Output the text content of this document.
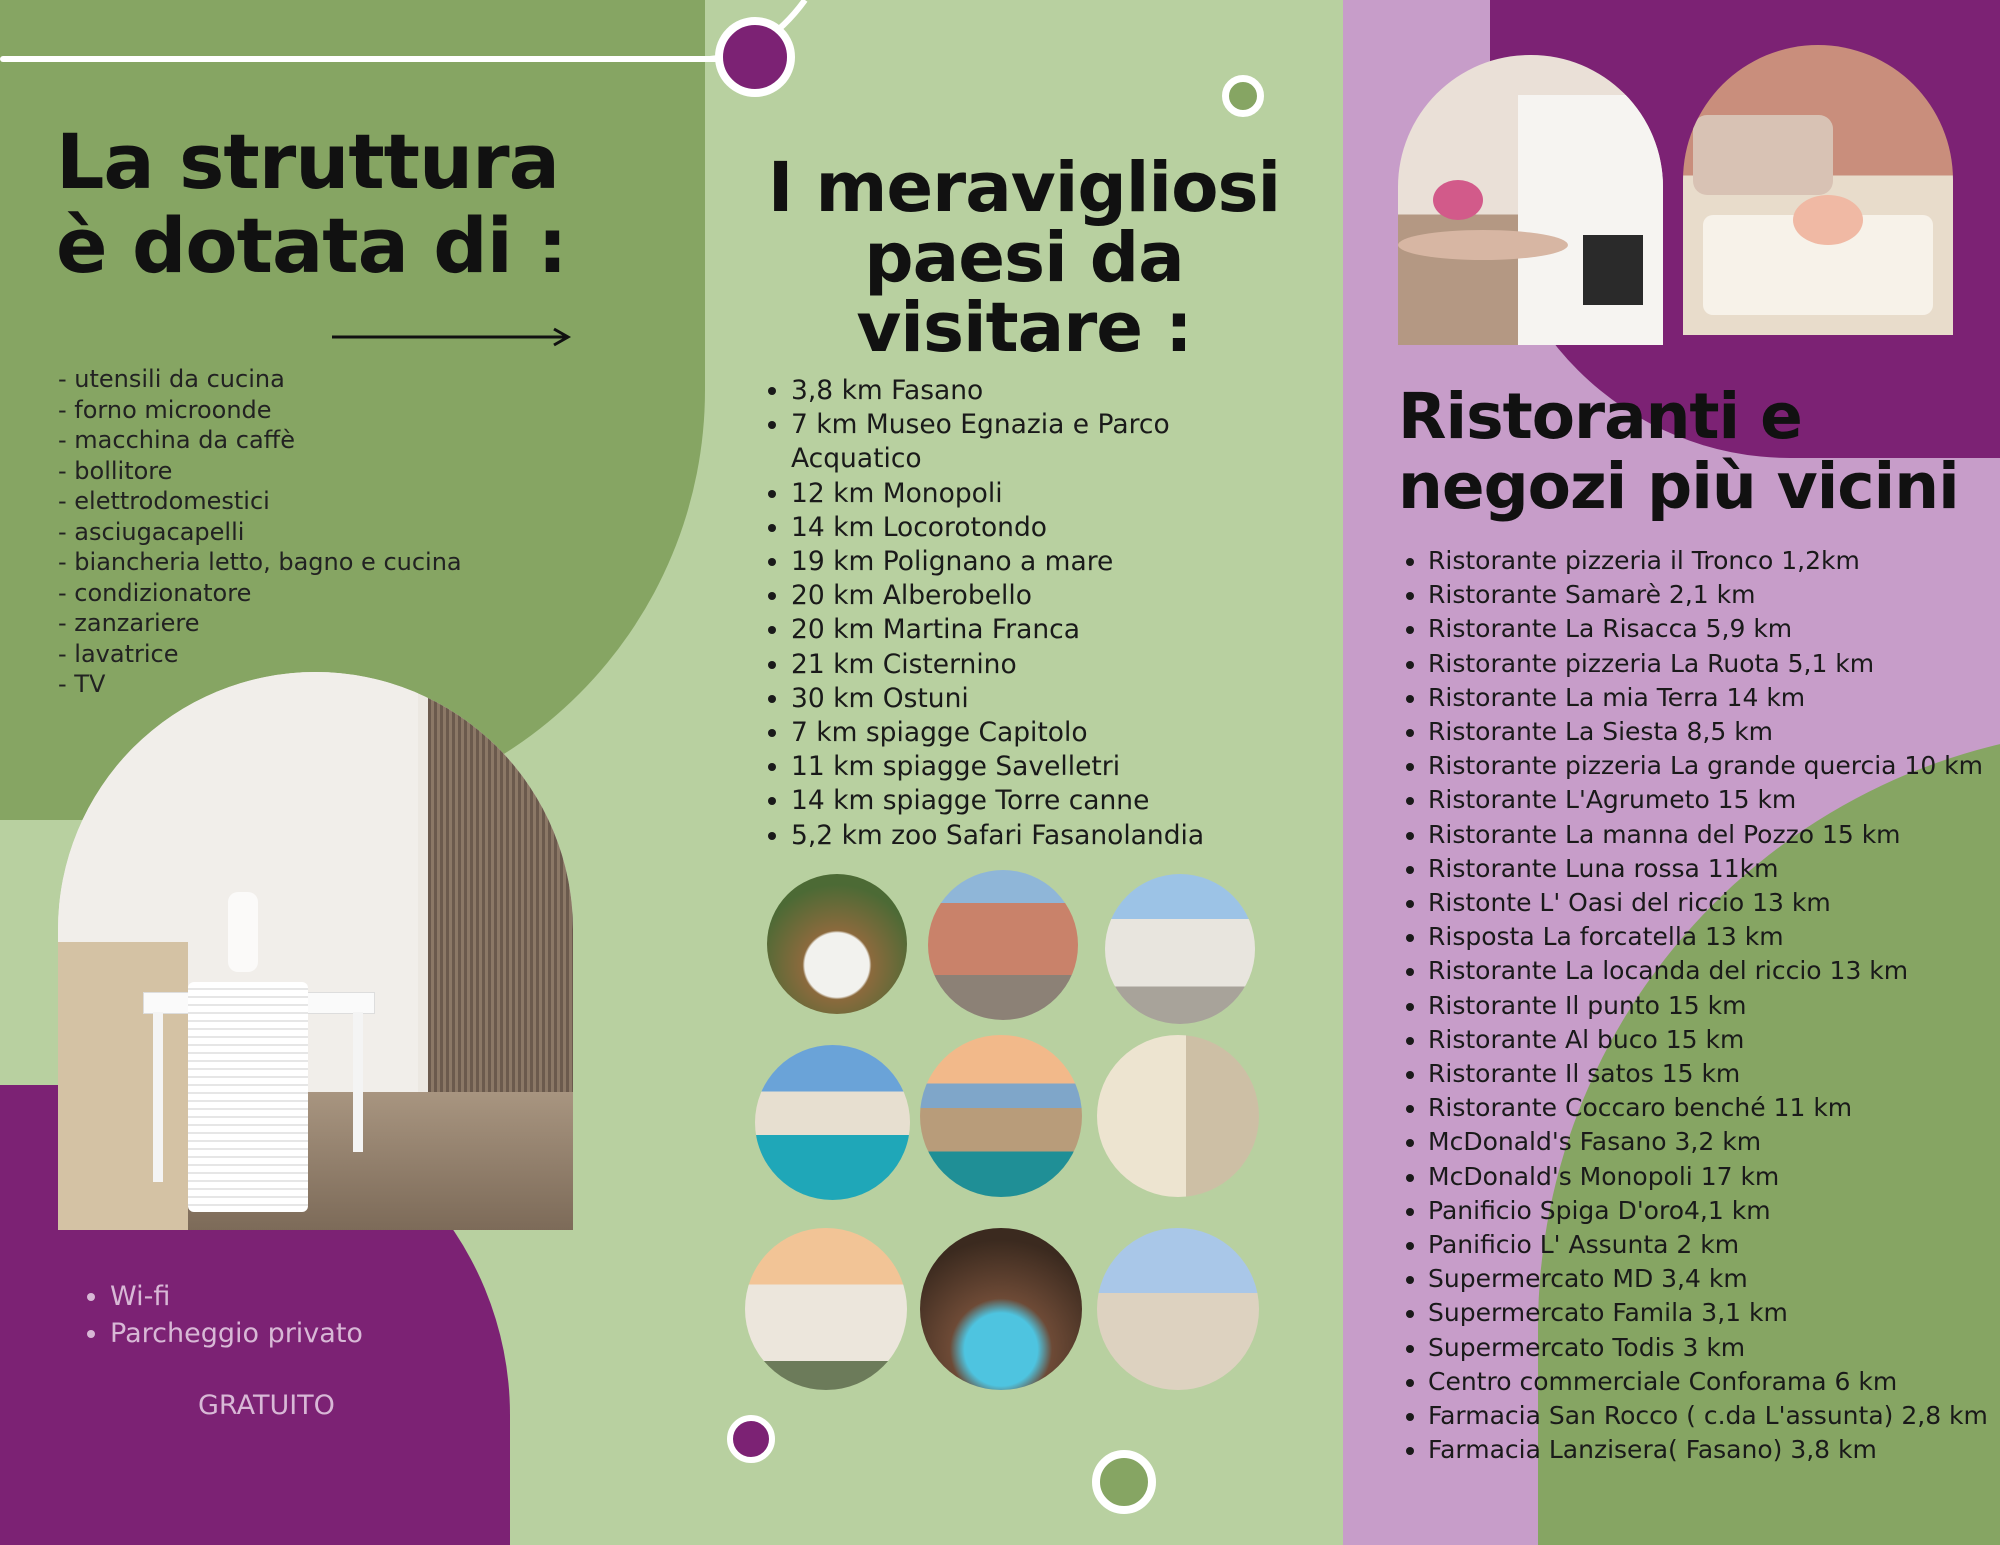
La struttura
è dotata di :
- utensili da cucina
- forno microonde
- macchina da caffè
- bollitore
- elettrodomestici
- asciugacapelli
- biancheria letto, bagno e cucina
- condizionatore
- zanzariere
- lavatrice
• Wi-fi
• Parcheggio privato
GRATUITO
I meravigliosi
paesi da
visitare :
• 3,8 km Fasano
• 7 km Museo Egnazia e Parco Acquatico
• 12 km Monopoli
• 14 km Locorotondo
• 19 km Polignano a mare
• 20 km Alberobello
• 20 km Martina Franca
• 21 km Cisternino
• 30 km Ostuni
• 7 km spiagge Capitolo
• 11 km spiagge Savelletri
• 14 km spiagge Torre canne
• 5,2 km zoo Safari Fasanolandia
Ristoranti e
negozi più vicini
• Ristorante pizzeria il Tronco 1,2km
• Ristorante Samarè 2,1 km
• Ristorante La Risacca 5,9 km
• Ristorante pizzeria La Ruota 5,1 km
• Ristorante La mia Terra 14 km
• Ristorante La Siesta 8,5 km
• Ristorante pizzeria La grande quercia 10 km
• Ristorante L'Agrumeto 15 km
• Ristorante La manna del Pozzo 15 km
• Ristorante Luna rossa 11km
• Ristonte L' Oasi del riccio 13 km
• Risposta La forcatella 13 km
• Ristorante La locanda del riccio 13 km
• Ristorante Il punto 15 km
• Ristorante Al buco 15 km
• Ristorante Il satos 15 km
• Ristorante Coccaro benché 11 km
• McDonald's Fasano 3,2 km
• McDonald's Monopoli 17 km
• Panificio Spiga D'oro4,1 km
• Panificio L' Assunta 2 km
• Supermercato MD 3,4 km
• Supermercato Famila 3,1 km
• Supermercato Todis 3 km
• Centro commerciale Conforama 6 km
• Farmacia San Rocco ( c.da L'assunta) 2,8 km
• Farmacia Lanzisera( Fasano) 3,8 km
